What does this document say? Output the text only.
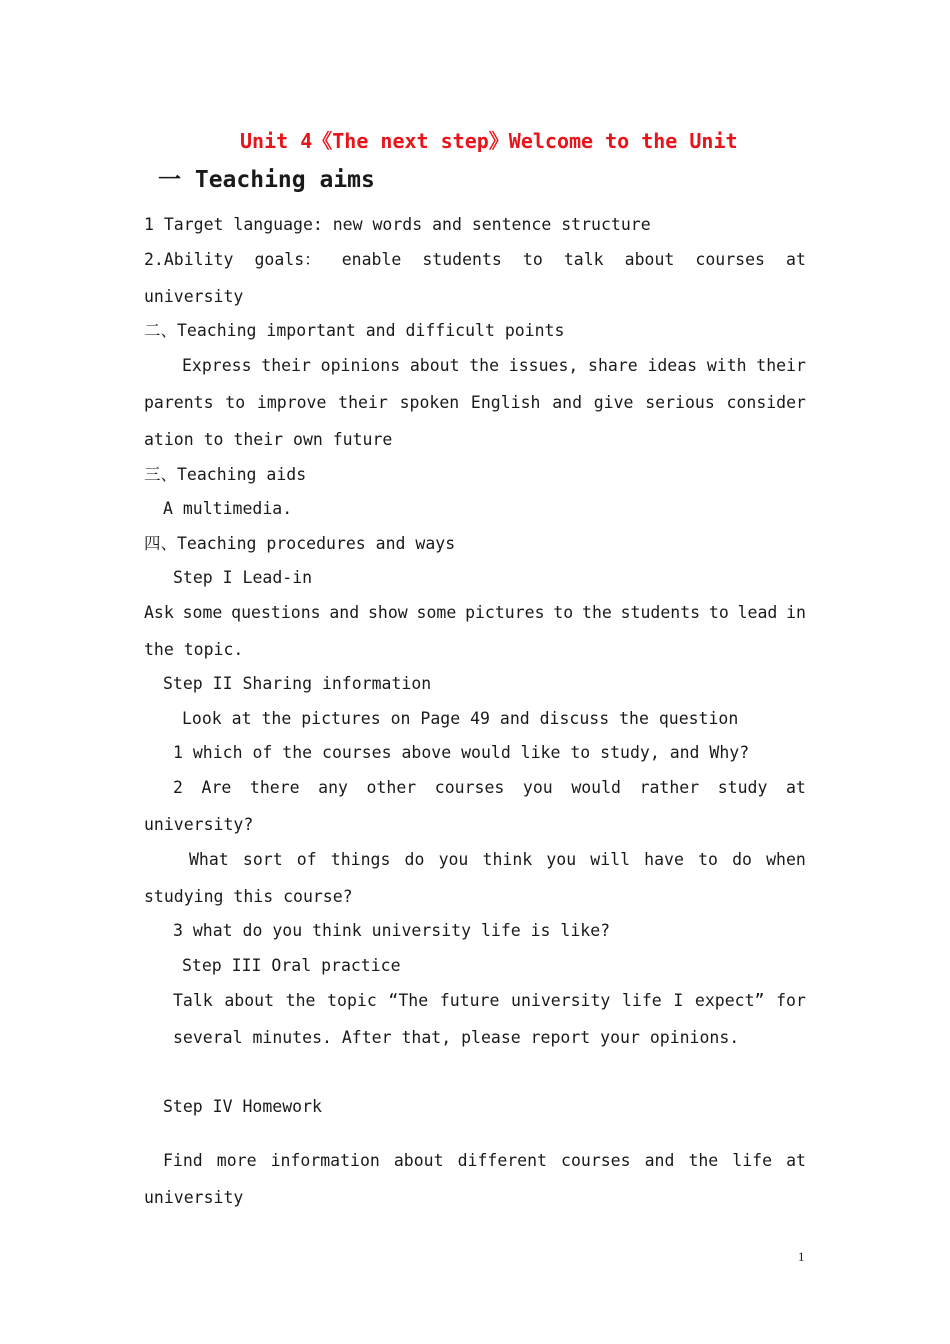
Unit 4《The next step》Welcome to the Unit
一 Teaching aims
1 Target language: new words and sentence structure
2.Ability goals： enable students to talk about courses at
university
二、Teaching important and difficult points
Express their opinions about the issues, share ideas with their
parents to improve their spoken English and give serious consider
ation to their own future
三、Teaching aids
A multimedia.
四、Teaching procedures and ways
Step I Lead-in
Ask some questions and show some pictures to the students to lead in
the topic.
Step II Sharing information
Look at the pictures on Page 49 and discuss the question
1 which of the courses above would like to study, and Why?
2 Are there any other courses you would rather study at
university?
What sort of things do you think you will have to do when
studying this course?
3 what do you think university life is like?
Step III Oral practice
Talk about the topic “The future university life I expect” for
several minutes. After that, please report your opinions.
Step IV Homework
Find more information about different courses and the life at
university
1
